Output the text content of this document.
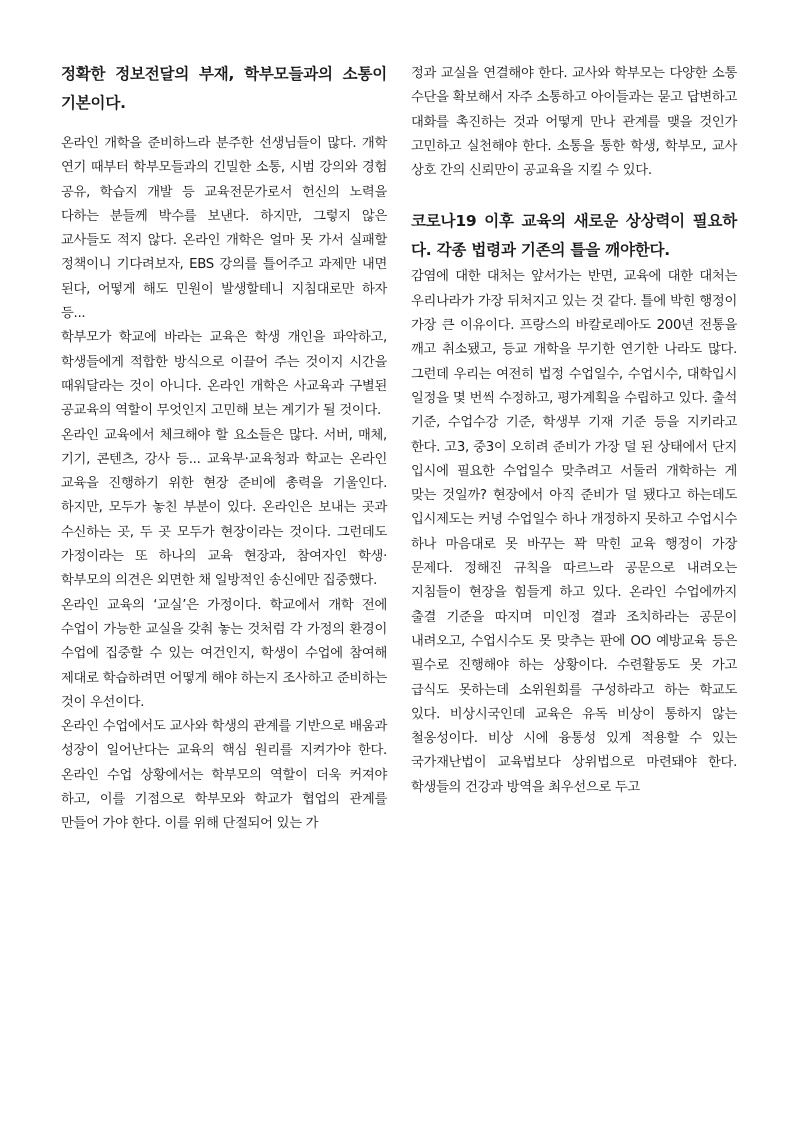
정확한 정보전달의 부재, 학부모들과의 소통이 기본이다.

온라인 개학을 준비하느라 분주한 선생님들이 많다. 개학 연기 때부터 학부모들과의 긴밀한 소통, 시범 강의와 경험 공유, 학습지 개발 등 교육전문가로서 헌신의 노력을 다하는 분들께 박수를 보낸다. 하지만, 그렇지 않은 교사들도 적지 않다. 온라인 개학은 얼마 못 가서 실패할 정책이니 기다려보자, EBS 강의를 틀어주고 과제만 내면 된다, 어떻게 해도 민원이 발생할테니 지침대로만 하자 등...

학부모가 학교에 바라는 교육은 학생 개인을 파악하고, 학생들에게 적합한 방식으로 이끌어 주는 것이지 시간을 때워달라는 것이 아니다. 온라인 개학은 사교육과 구별된 공교육의 역할이 무엇인지 고민해 보는 계기가 될 것이다.

온라인 교육에서 체크해야 할 요소들은 많다. 서버, 매체, 기기, 콘텐츠, 강사 등... 교육부·교육청과 학교는 온라인 교육을 진행하기 위한 현장 준비에 총력을 기울인다. 하지만, 모두가 놓친 부분이 있다. 온라인은 보내는 곳과 수신하는 곳, 두 곳 모두가 현장이라는 것이다. 그런데도 가정이라는 또 하나의 교육 현장과, 참여자인 학생·학부모의 의견은 외면한 채 일방적인 송신에만 집중했다.

온라인 교육의 ‘교실’은 가정이다. 학교에서 개학 전에 수업이 가능한 교실을 갖춰 놓는 것처럼 각 가정의 환경이 수업에 집중할 수 있는 여건인지, 학생이 수업에 참여해 제대로 학습하려면 어떻게 해야 하는지 조사하고 준비하는 것이 우선이다.

온라인 수업에서도 교사와 학생의 관계를 기반으로 배움과 성장이 일어난다는 교육의 핵심 원리를 지켜가야 한다. 온라인 수업 상황에서는 학부모의 역할이 더욱 커져야 하고, 이를 기점으로 학부모와 학교가 협업의 관계를 만들어 가야 한다. 이를 위해 단절되어 있는 가

정과 교실을 연결해야 한다. 교사와 학부모는 다양한 소통 수단을 확보해서 자주 소통하고 아이들과는 묻고 답변하고 대화를 촉진하는 것과 어떻게 만나 관계를 맺을 것인가 고민하고 실천해야 한다. 소통을 통한 학생, 학부모, 교사 상호 간의 신뢰만이 공교육을 지킬 수 있다.

코로나19 이후 교육의 새로운 상상력이 필요하다. 각종 법령과 기존의 틀을 깨야한다.

감염에 대한 대처는 앞서가는 반면, 교육에 대한 대처는 우리나라가 가장 뒤처지고 있는 것 같다. 틀에 박힌 행정이 가장 큰 이유이다. 프랑스의 바칼로레아도 200년 전통을 깨고 취소됐고, 등교 개학을 무기한 연기한 나라도 많다. 그런데 우리는 여전히 법정 수업일수, 수업시수, 대학입시 일정을 몇 번씩 수정하고, 평가계획을 수립하고 있다. 출석 기준, 수업수강 기준, 학생부 기재 기준 등을 지키라고 한다. 고3, 중3이 오히려 준비가 가장 덜 된 상태에서 단지 입시에 필요한 수업일수 맞추려고 서둘러 개학하는 게 맞는 것일까? 현장에서 아직 준비가 덜 됐다고 하는데도 입시제도는 커녕 수업일수 하나 개정하지 못하고 수업시수 하나 마음대로 못 바꾸는 꽉 막힌 교육 행정이 가장 문제다. 정해진 규칙을 따르느라 공문으로 내려오는 지침들이 현장을 힘들게 하고 있다. 온라인 수업에까지 출결 기준을 따지며 미인정 결과 조치하라는 공문이 내려오고, 수업시수도 못 맞추는 판에 OO 예방교육 등은 필수로 진행해야 하는 상황이다. 수련활동도 못 가고 급식도 못하는데 소위원회를 구성하라고 하는 학교도 있다. 비상시국인데 교육은 유독 비상이 통하지 않는 철옹성이다. 비상 시에 융통성 있게 적용할 수 있는 국가재난법이 교육법보다 상위법으로 마련돼야 한다. 학생들의 건강과 방역을 최우선으로 두고
